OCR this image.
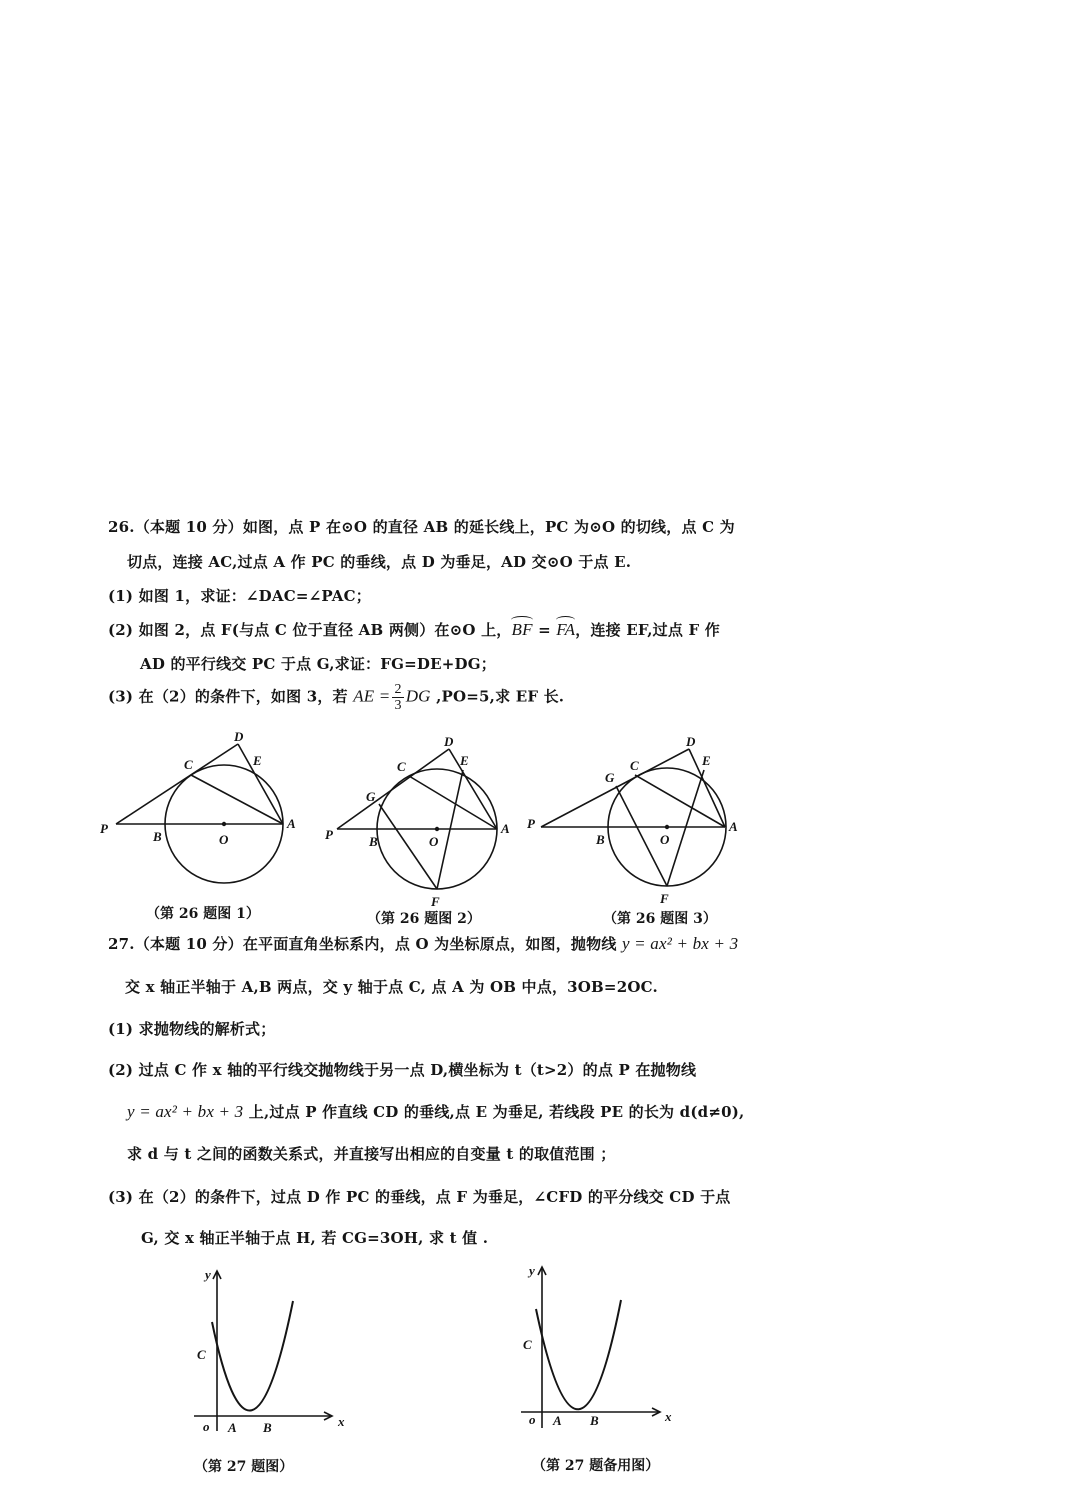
26.（本题 10 分）如图，点 P 在⊙O 的直径 AB 的延长线上，PC 为⊙O 的切线，点 C 为
切点，连接 AC,过点 A 作 PC 的垂线，点 D 为垂足，AD 交⊙O 于点 E.
(1) 如图 1，求证：∠DAC=∠PAC；
(2) 如图 2，点 F(与点 C 位于直径 AB 两侧）在⊙O 上，BF = FA，连接 EF,过点 F 作
AD 的平行线交 PC 于点 G,求证：FG=DE+DG；
(3) 在（2）的条件下，如图 3，若 AE = $\frac{2}{3}$ DG ,PO=5,求 EF 长.
P
B	O
A
C
D
E
P	B	O
A
C
D
E
G
F
P
B	O
A
C
D
E
G
F
（第 26 题图 1）	（第 26 题图 2）	（第 26 题图 3）
27.（本题 10 分）在平面直角坐标系内，点 O 为坐标原点，如图，抛物线 y = ax² + bx + 3
交 x 轴正半轴于 A,B 两点，交 y 轴于点 C, 点 A 为 OB 中点，3OB=2OC.
(1) 求抛物线的解析式；
(2) 过点 C 作 x 轴的平行线交抛物线于另一点 D,横坐标为 t（t>2）的点 P 在抛物线
y = ax² + bx + 3 上,过点 P 作直线 CD 的垂线,点 E 为垂足, 若线段 PE 的长为 d(d≠0),
求 d 与 t 之间的函数关系式，并直接写出相应的自变量 t 的取值范围 ；
(3) 在（2）的条件下，过点 D 作 PC 的垂线，点 F 为垂足，∠CFD 的平分线交 CD 于点
G, 交 x 轴正半轴于点 H, 若 CG=3OH, 求 t 值 .
y
C
o A B	x
y
C
o A B	x
（第 27 题图）	（第 27 题备用图）
